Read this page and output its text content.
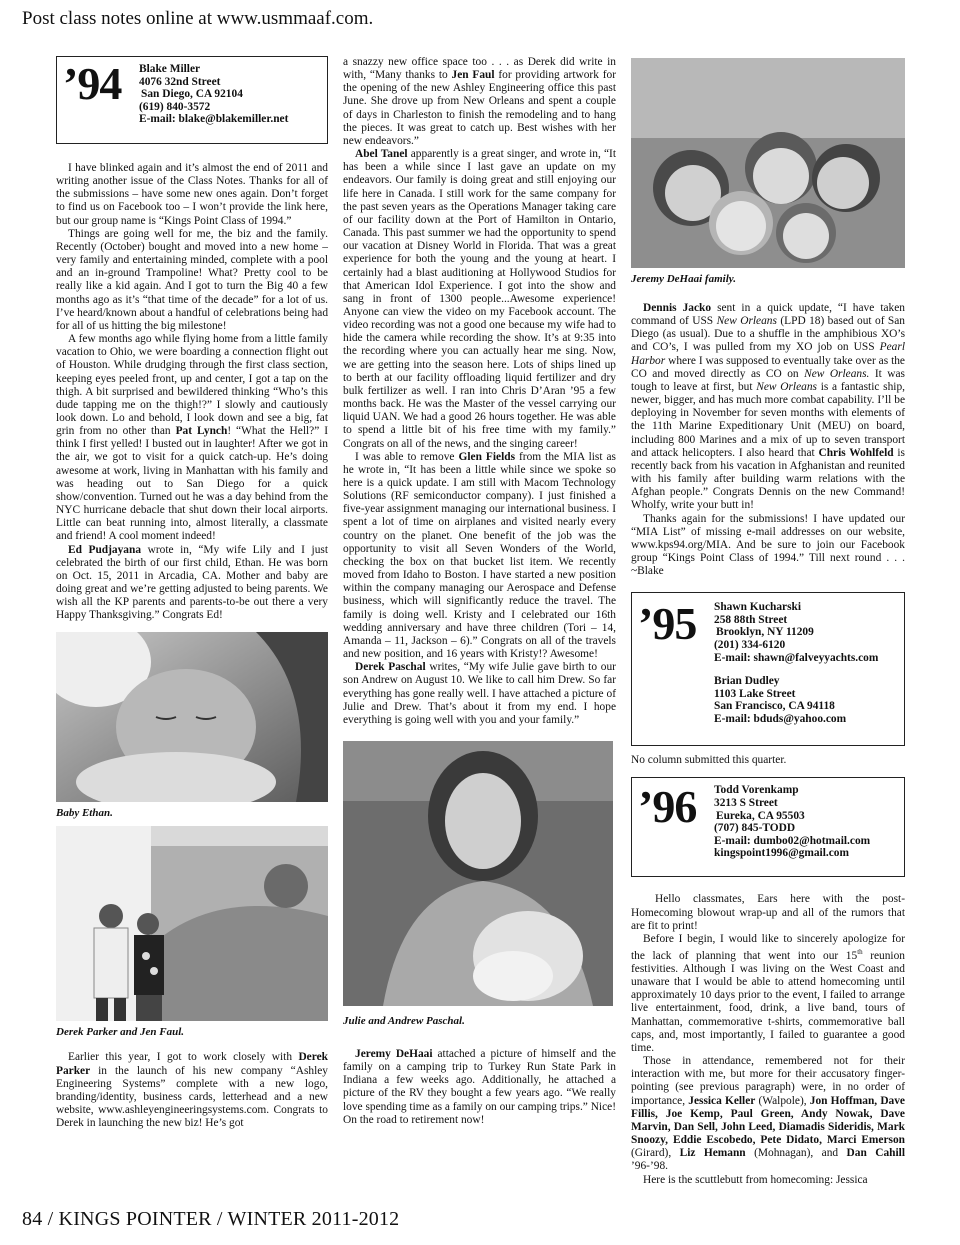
Post class notes online at www.usmmaaf.com.
’94 Blake Miller
4076 32nd Street
San Diego, CA 92104
(619) 840-3572
E-mail: blake@blakemiller.net

I have blinked again and it’s almost the end of 2011 and writing another issue of the Class Notes. Thanks for all of the submissions – have some new ones again. Don’t forget to find us on Facebook too – I won’t provide the link here, but our group name is “Kings Point Class of 1994.”

Things are going well for me, the biz and the family. Recently (October) bought and moved into a new home – very family and entertaining minded, complete with a pool and an in-ground Trampoline! What? Pretty cool to be really like a kid again. And I got to turn the Big 40 a few months ago as it’s “that time of the decade” for a lot of us. I’ve heard/known about a handful of celebrations being had for all of us hitting the big milestone!

A few months ago while flying home from a little family vacation to Ohio, we were boarding a connection flight out of Houston. While drudging through the first class section, keeping eyes peeled front, up and center, I got a tap on the thigh. A bit surprised and bewildered thinking “Who’s this dude tapping me on the thigh!?” I slowly and cautiously look down. Lo and behold, I look down and see a big, fat grin from no other than Pat Lynch! “What the Hell?” I think I first yelled! I busted out in laughter! After we got in the air, we got to visit for a quick catch-up. He’s doing awesome at work, living in Manhattan with his family and was heading out to San Diego for a quick show/convention. Turned out he was a day behind from the NYC hurricane debacle that shut down their local airports. Little can beat running into, almost literally, a classmate and friend! A cool moment indeed!

Ed Pudjayana wrote in, “My wife Lily and I just celebrated the birth of our first child, Ethan. He was born on Oct. 15, 2011 in Arcadia, CA. Mother and baby are doing great and we’re getting adjusted to being parents. We wish all the KP parents and parents-to-be out there a very Happy Thanksgiving.” Congrats Ed!

Baby Ethan.
Derek Parker and Jen Faul.

Earlier this year, I got to work closely with Derek Parker in the launch of his new company “Ashley Engineering Systems” complete with a new logo, branding/identity, business cards, letterhead and a new website, www.ashleyengineeringsystems.com. Congrats to Derek in launching the new biz! He’s got

a snazzy new office space too . . . as Derek did write in with, “Many thanks to Jen Faul for providing artwork for the opening of the new Ashley Engineering office this past June. She drove up from New Orleans and spent a couple of days in Charleston to finish the remodeling and to hang the pieces. It was great to catch up. Best wishes with her new endeavors.”

Abel Tanel apparently is a great singer, and wrote in, “It has been a while since I last gave an update on my endeavors. Our family is doing great and still enjoying our life here in Canada. I still work for the same company for the past seven years as the Operations Manager taking care of our facility down at the Port of Hamilton in Ontario, Canada. This past summer we had the opportunity to spend our vacation at Disney World in Florida. That was a great experience for both the young and the young at heart. I certainly had a blast auditioning at Hollywood Studios for that American Idol Experience. I got into the show and sang in front of 1300 people...Awesome experience! Anyone can view the video on my Facebook account. The video recording was not a good one because my wife had to hide the camera while recording the show. It’s at 9:35 into the recording where you can actually hear me sing. Now, we are getting into the season here. Lots of ships lined up to berth at our facility offloading liquid fertilizer and dry bulk fertilizer as well. I ran into Chris D’Aran ’95 a few months back. He was the Master of the vessel carrying our liquid UAN. We had a good 26 hours together. He was able to spend a little bit of his free time with my family.” Congrats on all of the news, and the singing career!

I was able to remove Glen Fields from the MIA list as he wrote in, “It has been a little while since we spoke so here is a quick update. I am still with Macom Technology Solutions (RF semiconductor company). I just finished a five-year assignment managing our international business. I spent a lot of time on airplanes and visited nearly every country on the planet. One benefit of the job was the opportunity to visit all Seven Wonders of the World, checking the box on that bucket list item. We recently moved from Idaho to Boston. I have started a new position within the company managing our Aerospace and Defense business, which will significantly reduce the travel. The family is doing well. Kristy and I celebrated our 16th wedding anniversary and have three children (Tori – 14, Amanda – 11, Jackson – 6).” Congrats on all of the travels and new position, and 16 years with Kristy!? Awesome!

Derek Paschal writes, “My wife Julie gave birth to our son Andrew on August 10. We like to call him Drew. So far everything has gone really well. I have attached a picture of Julie and Drew. That’s about it from my end. I hope everything is going well with you and your family.”

Julie and Andrew Paschal.

Jeremy DeHaai attached a picture of himself and the family on a camping trip to Turkey Run State Park in Indiana a few weeks ago. Additionally, he attached a picture of the RV they bought a few years ago. “We really love spending time as a family on our camping trips.” Nice! On the road to retirement now!

Jeremy DeHaai family.

Dennis Jacko sent in a quick update, “I have taken command of USS New Orleans (LPD 18) based out of San Diego (as usual). Due to a shuffle in the amphibious XO’s and CO’s, I was pulled from my XO job on USS Pearl Harbor where I was supposed to eventually take over as the CO and moved directly as CO on New Orleans. It was tough to leave at first, but New Orleans is a fantastic ship, newer, bigger, and has much more combat capability. I’ll be deploying in November for seven months with elements of the 11th Marine Expeditionary Unit (MEU) on board, including 800 Marines and a mix of up to seven transport and attack helicopters. I also heard that Chris Wohlfeld is recently back from his vacation in Afghanistan and reunited with his family after building warm relations with the Afghan people.” Congrats Dennis on the new Command! Wholfy, write your butt in!

Thanks again for the submissions! I have updated our “MIA List” of missing e-mail addresses on our website, www.kps94.org/MIA. And be sure to join our Facebook group “Kings Point Class of 1994.” Till next round . . . ~Blake

’95 Shawn Kucharski
258 88th Street
Brooklyn, NY 11209
(201) 334-6120
E-mail: shawn@falveyyachts.com
Brian Dudley
1103 Lake Street
San Francisco, CA 94118
E-mail: bduds@yahoo.com

No column submitted this quarter.

’96 Todd Vorenkamp
3213 S Street
Eureka, CA 95503
(707) 845-TODD
E-mail: dumbo02@hotmail.com
kingspoint1996@gmail.com

Hello classmates, Ears here with the post-Homecoming blowout wrap-up and all of the rumors that are fit to print!

Before I begin, I would like to sincerely apologize for the lack of planning that went into our 15th reunion festivities. Although I was living on the West Coast and unaware that I would be able to attend homecoming until approximately 10 days prior to the event, I failed to arrange live entertainment, food, drink, a live band, tours of Manhattan, commemorative t-shirts, commemorative ball caps, and, most importantly, I failed to guarantee a good time.

Those in attendance, remembered not for their interaction with me, but more for their accusatory finger-pointing (see previous paragraph) were, in no order of importance, Jessica Keller (Walpole), Jon Hoffman, Dave Fillis, Joe Kemp, Paul Green, Andy Nowak, Dave Marvin, Dan Sell, John Leed, Diamadis Sideridis, Mark Snoozy, Eddie Escobedo, Pete Didato, Marci Emerson (Girard), Liz Hemann (Mohnagan), and Dan Cahill ’96-’98.

Here is the scuttlebutt from homecoming: Jessica

84 / KINGS POINTER / WINTER 2011-2012
